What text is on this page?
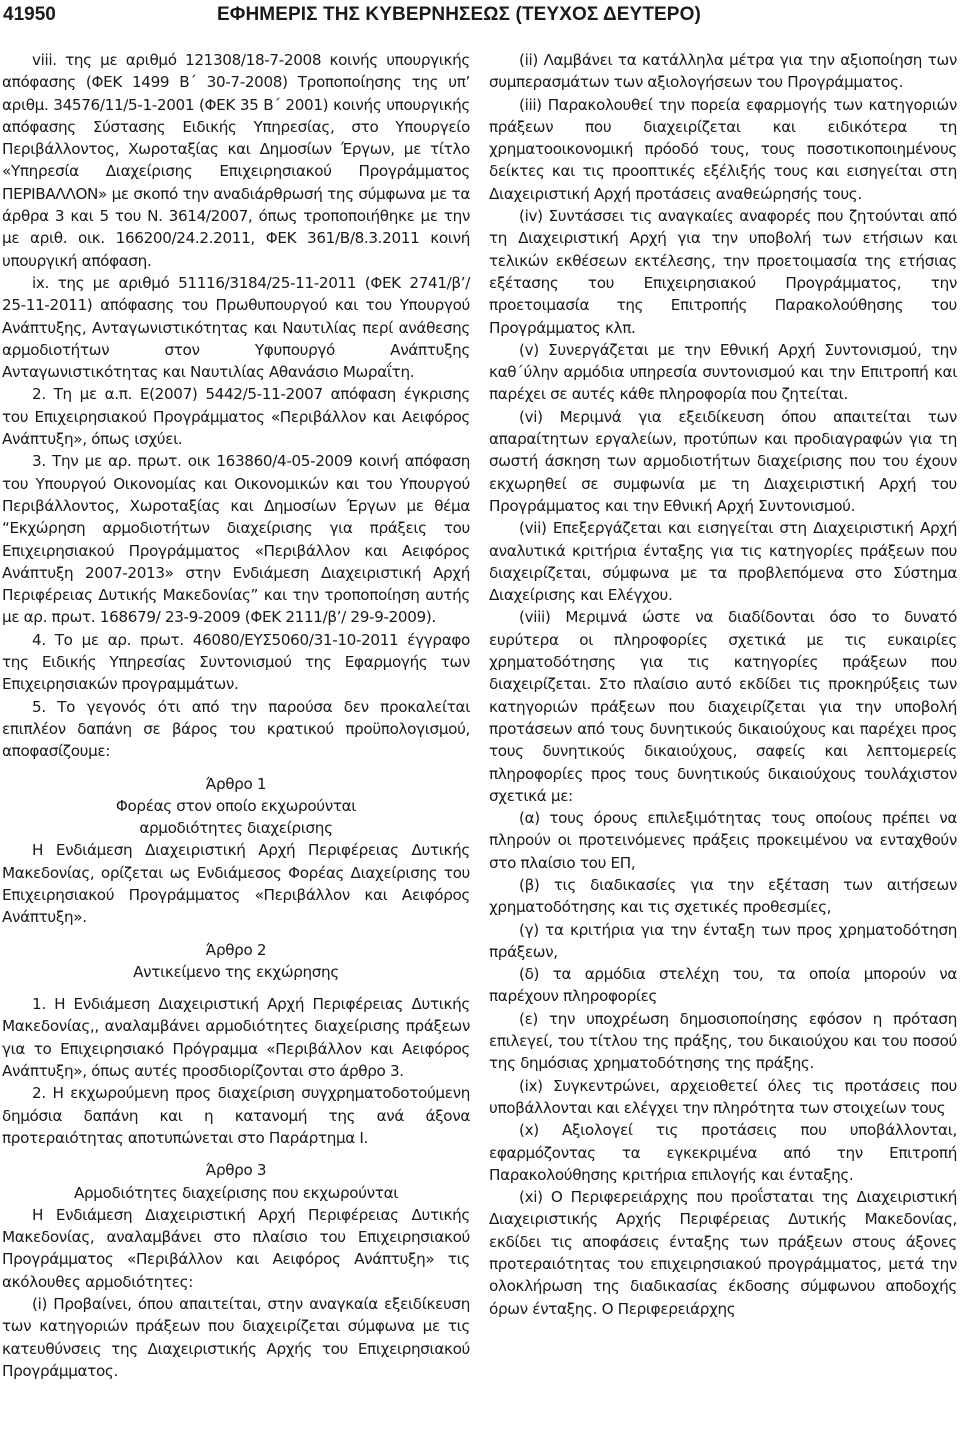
41950	ΕΦΗΜΕΡΙΣ ΤΗΣ ΚΥΒΕΡΝΗΣΕΩΣ (ΤΕΥΧΟΣ ΔΕΥΤΕΡΟ)

viii. της με αριθμό 121308/18-7-2008 κοινής υπουργικής απόφασης (ΦΕΚ 1499 Β΄ 30-7-2008) Τροποποίησης της υπ’ αριθμ. 34576/11/5-1-2001 (ΦΕΚ 35 Β΄ 2001) κοινής υπουργικής απόφασης Σύστασης Ειδικής Υπηρεσίας, στο Υπουργείο Περιβάλλοντος, Χωροταξίας και Δημοσίων Έργων, με τίτλο «Υπηρεσία Διαχείρισης Επιχειρησιακού Προγράμματος ΠΕΡΙΒΑΛΛΟΝ» με σκοπό την αναδιάρθρωσή της σύμφωνα με τα άρθρα 3 και 5 του Ν. 3614/2007, όπως τροποποιήθηκε με την με αριθ. οικ. 166200/24.2.2011, ΦΕΚ 361/Β/8.3.2011 κοινή υπουργική απόφαση.

ix. της με αριθμό 51116/3184/25-11-2011 (ΦΕΚ 2741/β’/ 25-11-2011) απόφασης του Πρωθυπουργού και του Υπουργού Ανάπτυξης, Ανταγωνιστικότητας και Ναυτιλίας περί ανάθεσης αρμοδιοτήτων στον Υφυπουργό Ανάπτυξης Ανταγωνιστικότητας και Ναυτιλίας Αθανάσιο Μωραΐτη.

2. Τη με α.π. Ε(2007) 5442/5-11-2007 απόφαση έγκρισης του Επιχειρησιακού Προγράμματος «Περιβάλλον και Αειφόρος Ανάπτυξη», όπως ισχύει.

3. Την με αρ. πρωτ. οικ 163860/4-05-2009 κοινή απόφαση του Υπουργού Οικονομίας και Οικονομικών και του Υπουργού Περιβάλλοντος, Χωροταξίας και Δημοσίων Έργων με θέμα “Εκχώρηση αρμοδιοτήτων διαχείρισης για πράξεις του Επιχειρησιακού Προγράμματος «Περιβάλλον και Αειφόρος Ανάπτυξη 2007-2013» στην Ενδιάμεση Διαχειριστική Αρχή Περιφέρειας Δυτικής Μακεδονίας” και την τροποποίηση αυτής με αρ. πρωτ. 168679/ 23-9-2009 (ΦΕΚ 2111/β’/ 29-9-2009).

4. Το με αρ. πρωτ. 46080/ΕΥΣ5060/31-10-2011 έγγραφο της Ειδικής Υπηρεσίας Συντονισμού της Εφαρμογής των Επιχειρησιακών προγραμμάτων.

5. Το γεγονός ότι από την παρούσα δεν προκαλείται επιπλέον δαπάνη σε βάρος του κρατικού προϋπολογισμού, αποφασίζουμε:

Άρθρο 1

Φορέας στον οποίο εκχωρούνται

αρμοδιότητες διαχείρισης

Η Ενδιάμεση Διαχειριστική Αρχή Περιφέρειας Δυτικής Μακεδονίας, ορίζεται ως Ενδιάμεσος Φορέας Διαχείρισης του Επιχειρησιακού Προγράμματος «Περιβάλλον και Αειφόρος Ανάπτυξη».

Άρθρο 2

Αντικείμενο της εκχώρησης

1. Η Ενδιάμεση Διαχειριστική Αρχή Περιφέρειας Δυτικής Μακεδονίας,, αναλαμβάνει αρμοδιότητες διαχείρισης πράξεων για το Επιχειρησιακό Πρόγραμμα «Περιβάλλον και Αειφόρος Ανάπτυξη», όπως αυτές προσδιορίζονται στο άρθρο 3.

2. Η εκχωρούμενη προς διαχείριση συγχρηματοδοτούμενη δημόσια δαπάνη και η κατανομή της ανά άξονα προτεραιότητας αποτυπώνεται στο Παράρτημα Ι.

Άρθρο 3

Αρμοδιότητες διαχείρισης που εκχωρούνται

Η Ενδιάμεση Διαχειριστική Αρχή Περιφέρειας Δυτικής Μακεδονίας, αναλαμβάνει στο πλαίσιο του Επιχειρησιακού Προγράμματος «Περιβάλλον και Αειφόρος Ανάπτυξη» τις ακόλουθες αρμοδιότητες:

(i) Προβαίνει, όπου απαιτείται, στην αναγκαία εξειδίκευση των κατηγοριών πράξεων που διαχειρίζεται σύμφωνα με τις κατευθύνσεις της Διαχειριστικής Αρχής του Επιχειρησιακού Προγράμματος.

(ii) Λαμβάνει τα κατάλληλα μέτρα για την αξιοποίηση των συμπερασμάτων των αξιολογήσεων του Προγράμματος.

(iii) Παρακολουθεί την πορεία εφαρμογής των κατηγοριών πράξεων που διαχειρίζεται και ειδικότερα τη χρηματοοικονομική πρόοδό τους, τους ποσοτικοποιημένους δείκτες και τις προοπτικές εξέλιξής τους και εισηγείται στη Διαχειριστική Αρχή προτάσεις αναθεώρησής τους.

(iv) Συντάσσει τις αναγκαίες αναφορές που ζητούνται από τη Διαχειριστική Αρχή για την υποβολή των ετήσιων και τελικών εκθέσεων εκτέλεσης, την προετοιμασία της ετήσιας εξέτασης του Επιχειρησιακού Προγράμματος, την προετοιμασία της Επιτροπής Παρακολούθησης του Προγράμματος κλπ.

(v) Συνεργάζεται με την Εθνική Αρχή Συντονισμού, την καθ΄ύλην αρμόδια υπηρεσία συντονισμού και την Επιτροπή και παρέχει σε αυτές κάθε πληροφορία που ζητείται.

(vi) Μεριμνά για εξειδίκευση όπου απαιτείται των απαραίτητων εργαλείων, προτύπων και προδιαγραφών για τη σωστή άσκηση των αρμοδιοτήτων διαχείρισης που του έχουν εκχωρηθεί σε συμφωνία με τη Διαχειριστική Αρχή του Προγράμματος και την Εθνική Αρχή Συντονισμού.

(vii) Επεξεργάζεται και εισηγείται στη Διαχειριστική Αρχή αναλυτικά κριτήρια ένταξης για τις κατηγορίες πράξεων που διαχειρίζεται, σύμφωνα με τα προβλεπόμενα στο Σύστημα Διαχείρισης και Ελέγχου.

(viii) Μεριμνά ώστε να διαδίδονται όσο το δυνατό ευρύτερα οι πληροφορίες σχετικά με τις ευκαιρίες χρηματοδότησης για τις κατηγορίες πράξεων που διαχειρίζεται. Στο πλαίσιο αυτό εκδίδει τις προκηρύξεις των κατηγοριών πράξεων που διαχειρίζεται για την υποβολή προτάσεων από τους δυνητικούς δικαιούχους και παρέχει προς τους δυνητικούς δικαιούχους, σαφείς και λεπτομερείς πληροφορίες προς τους δυνητικούς δικαιούχους τουλάχιστον σχετικά με:

(α) τους όρους επιλεξιμότητας τους οποίους πρέπει να πληρούν οι προτεινόμενες πράξεις προκειμένου να ενταχθούν στο πλαίσιο του ΕΠ,

(β) τις διαδικασίες για την εξέταση των αιτήσεων χρηματοδότησης και τις σχετικές προθεσμίες,

(γ) τα κριτήρια για την ένταξη των προς χρηματοδότηση πράξεων,

(δ) τα αρμόδια στελέχη του, τα οποία μπορούν να παρέχουν πληροφορίες

(ε) την υποχρέωση δημοσιοποίησης εφόσον η πρόταση επιλεγεί, του τίτλου της πράξης, του δικαιούχου και του ποσού της δημόσιας χρηματοδότησης της πράξης.

(ix) Συγκεντρώνει, αρχειοθετεί όλες τις προτάσεις που υποβάλλονται και ελέγχει την πληρότητα των στοιχείων τους

(x) Αξιολογεί τις προτάσεις που υποβάλλονται, εφαρμόζοντας τα εγκεκριμένα από την Επιτροπή Παρακολούθησης κριτήρια επιλογής και ένταξης.

(xi) Ο Περιφερειάρχης που προΐσταται της Διαχειριστική Διαχειριστικής Αρχής Περιφέρειας Δυτικής Μακεδονίας, εκδίδει τις αποφάσεις ένταξης των πράξεων στους άξονες προτεραιότητας του επιχειρησιακού προγράμματος, μετά την ολοκλήρωση της διαδικασίας έκδοσης σύμφωνου αποδοχής όρων ένταξης. Ο Περιφερειάρχης
